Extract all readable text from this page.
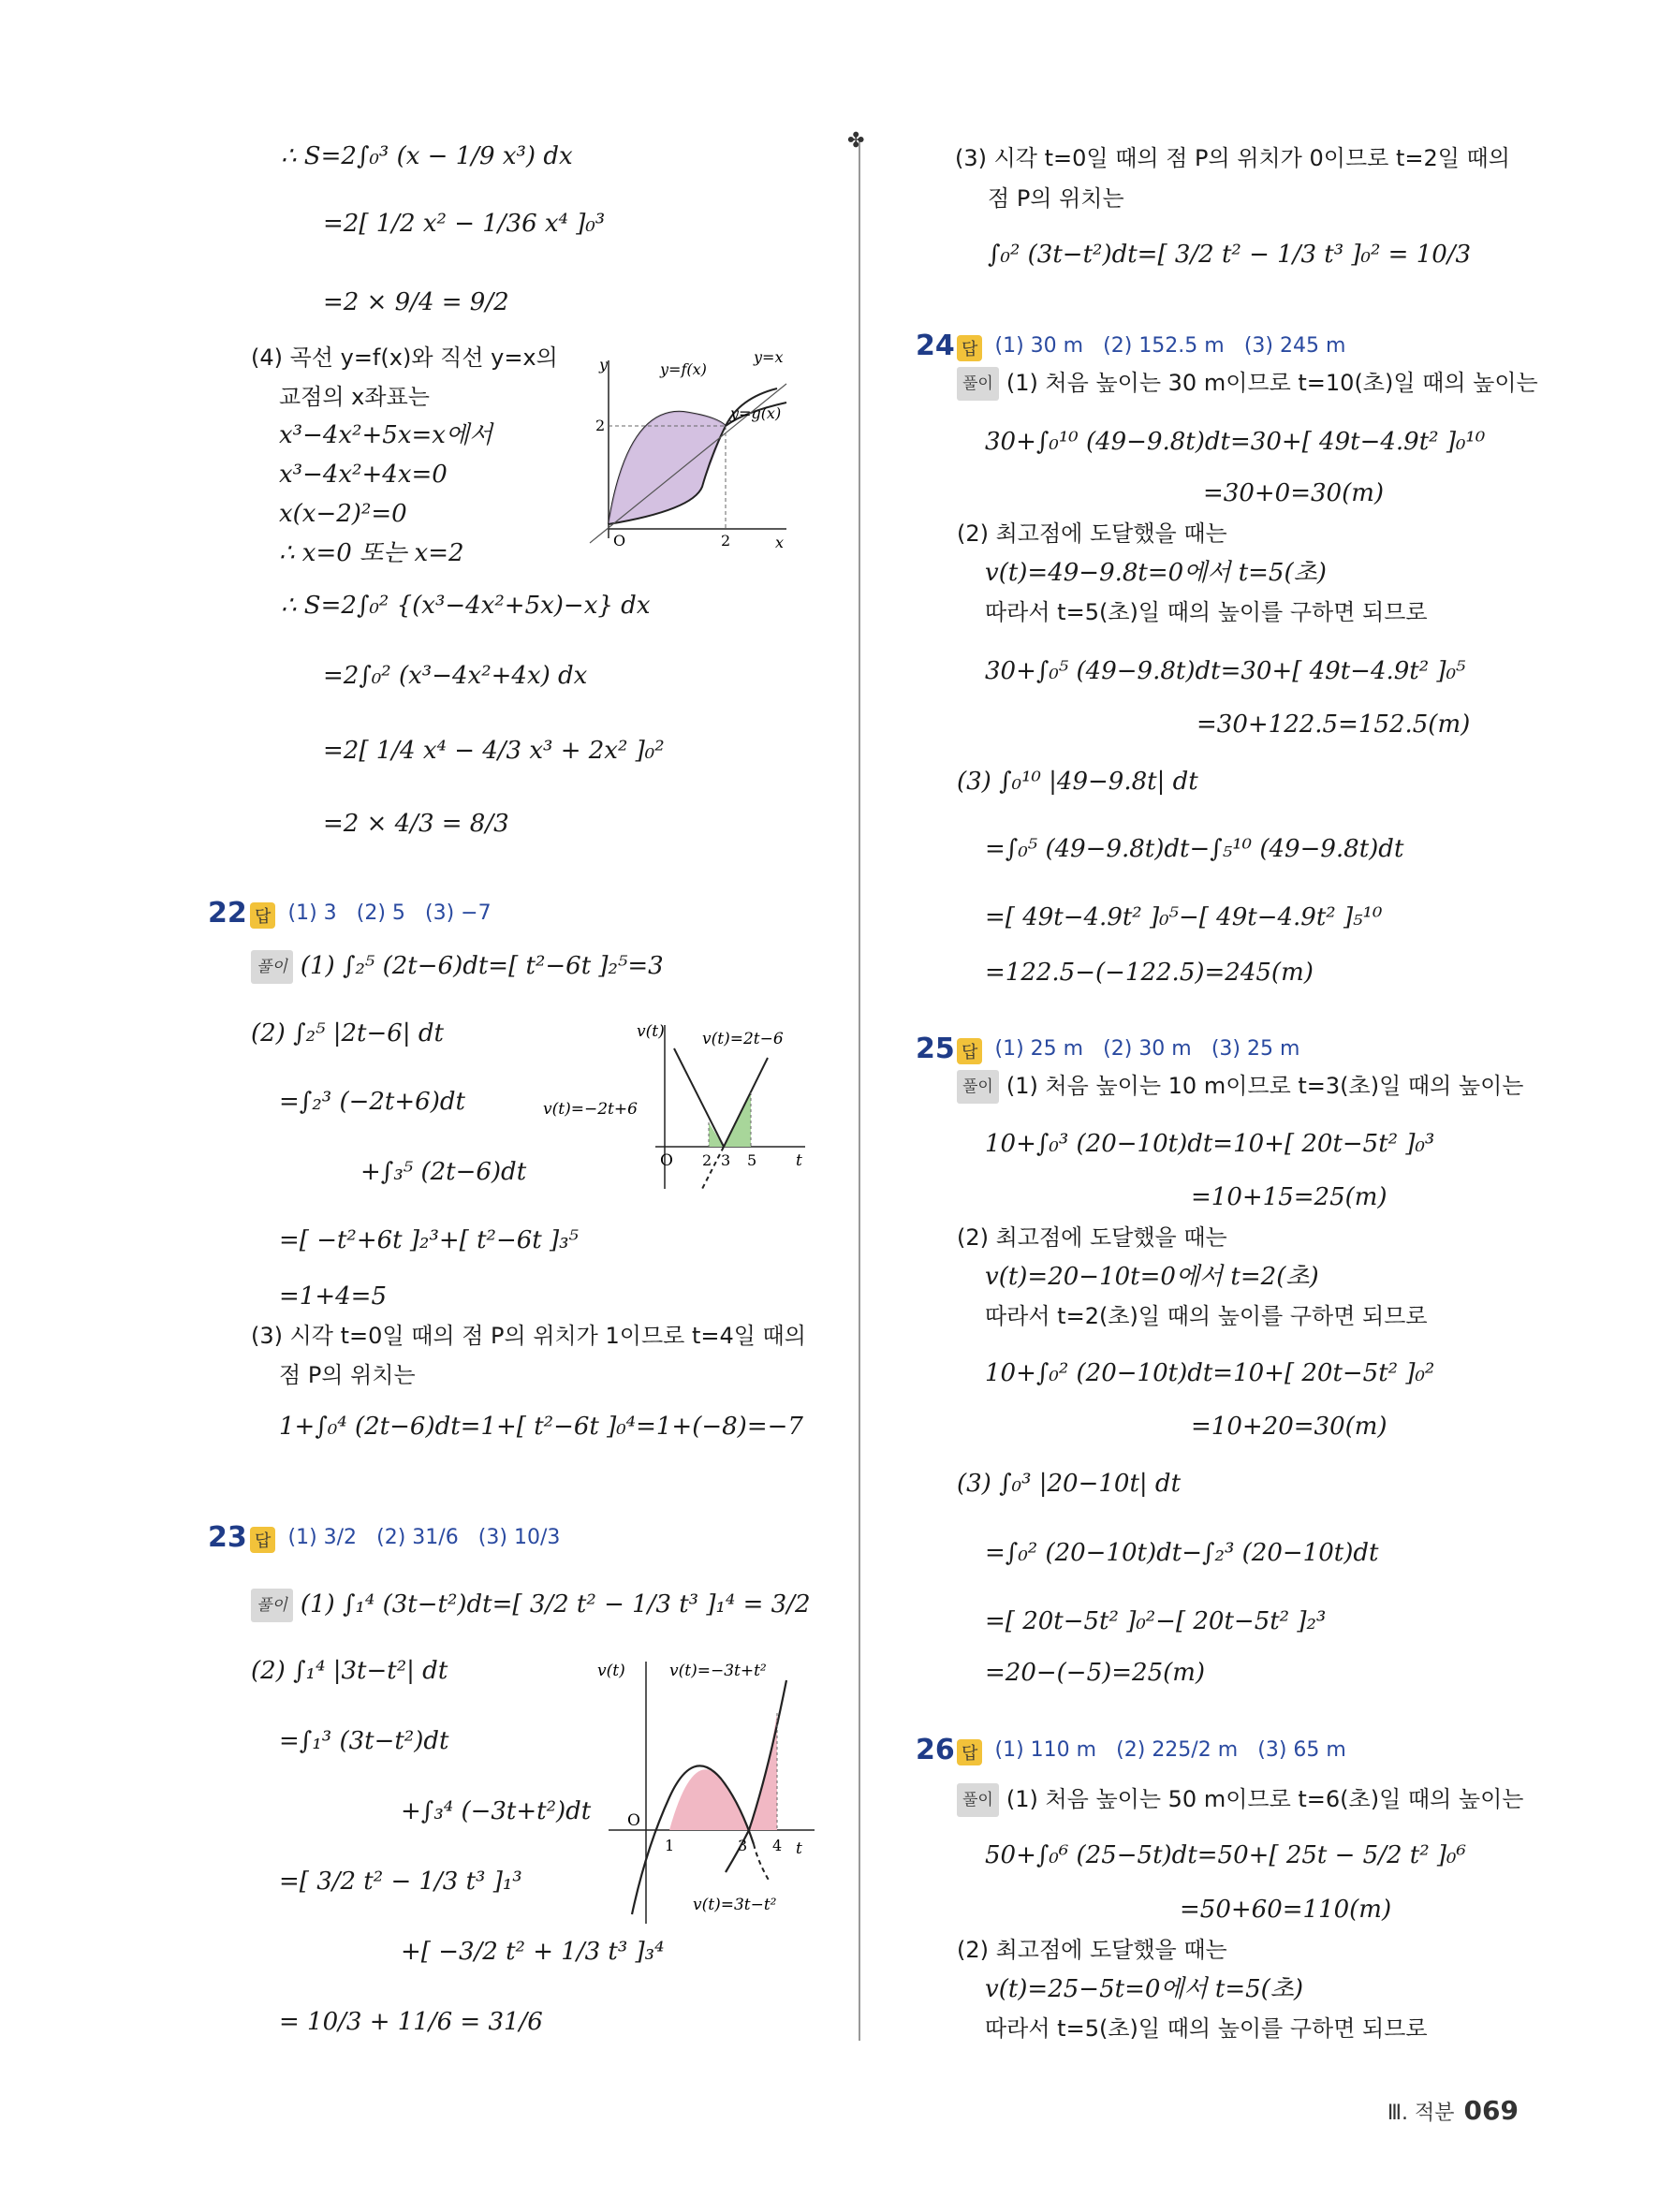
∴ S=2∫₀³ (x − 1/9 x³) dx
=2[ 1/2 x² − 1/36 x⁴ ]₀³
=2 × 9/4 = 9/2
(4) 곡선 y=f(x)와 직선 y=x의
교점의 x좌표는
x³−4x²+5x=x에서
x³−4x²+4x=0
x(x−2)²=0
∴ x=0 또는 x=2
y
x
O
2
2
y=f(x)
y=x
y=g(x)
∴ S=2∫₀² {(x³−4x²+5x)−x} dx
=2∫₀² (x³−4x²+4x) dx
=2[ 1/4 x⁴ − 4/3 x³ + 2x² ]₀²
=2 × 4/3 = 8/3
22 답 (1) 3 (2) 5 (3) −7
풀이 (1) ∫₂⁵ (2t−6)dt=[ t²−6t ]₂⁵=3
(2) ∫₂⁵ |2t−6| dt
=∫₂³ (−2t+6)dt
+∫₃⁵ (2t−6)dt
=[ −t²+6t ]₂³+[ t²−6t ]₃⁵
=1+4=5
(3) 시각 t=0일 때의 점 P의 위치가 1이므로 t=4일 때의
점 P의 위치는
1+∫₀⁴ (2t−6)dt=1+[ t²−6t ]₀⁴=1+(−8)=−7
v(t)
t
O
v(t)=2t−6
v(t)=−2t+6
2 3 5
23 답 (1) 3/2 (2) 31/6 (3) 10/3
풀이 (1) ∫₁⁴ (3t−t²)dt=[ 3/2 t² − 1/3 t³ ]₁⁴ = 3/2
(2) ∫₁⁴ |3t−t²| dt
=∫₁³ (3t−t²)dt
+∫₃⁴ (−3t+t²)dt
=[ 3/2 t² − 1/3 t³ ]₁³
+[ −3/2 t² + 1/3 t³ ]₃⁴
= 10/3 + 11/6 = 31/6
v(t)
t
O
v(t)=−3t+t²
v(t)=3t−t²
1	3 4
✤
(3) 시각 t=0일 때의 점 P의 위치가 0이므로 t=2일 때의
점 P의 위치는
∫₀² (3t−t²)dt=[ 3/2 t² − 1/3 t³ ]₀² = 10/3
24 답 (1) 30 m (2) 152.5 m (3) 245 m
풀이 (1) 처음 높이는 30 m이므로 t=10(초)일 때의 높이는
30+∫₀¹⁰ (49−9.8t)dt=30+[ 49t−4.9t² ]₀¹⁰
=30+0=30(m)
(2) 최고점에 도달했을 때는
v(t)=49−9.8t=0에서 t=5(초)
따라서 t=5(초)일 때의 높이를 구하면 되므로
30+∫₀⁵ (49−9.8t)dt=30+[ 49t−4.9t² ]₀⁵
=30+122.5=152.5(m)
(3) ∫₀¹⁰ |49−9.8t| dt
=∫₀⁵ (49−9.8t)dt−∫₅¹⁰ (49−9.8t)dt
=[ 49t−4.9t² ]₀⁵−[ 49t−4.9t² ]₅¹⁰
=122.5−(−122.5)=245(m)
25 답 (1) 25 m (2) 30 m (3) 25 m
풀이 (1) 처음 높이는 10 m이므로 t=3(초)일 때의 높이는
10+∫₀³ (20−10t)dt=10+[ 20t−5t² ]₀³
=10+15=25(m)
(2) 최고점에 도달했을 때는
v(t)=20−10t=0에서 t=2(초)
따라서 t=2(초)일 때의 높이를 구하면 되므로
10+∫₀² (20−10t)dt=10+[ 20t−5t² ]₀²
=10+20=30(m)
(3) ∫₀³ |20−10t| dt
=∫₀² (20−10t)dt−∫₂³ (20−10t)dt
=[ 20t−5t² ]₀²−[ 20t−5t² ]₂³
=20−(−5)=25(m)
26 답 (1) 110 m (2) 225/2 m (3) 65 m
풀이 (1) 처음 높이는 50 m이므로 t=6(초)일 때의 높이는
50+∫₀⁶ (25−5t)dt=50+[ 25t − 5/2 t² ]₀⁶
=50+60=110(m)
(2) 최고점에 도달했을 때는
v(t)=25−5t=0에서 t=5(초)
따라서 t=5(초)일 때의 높이를 구하면 되므로
Ⅲ. 적분 069
